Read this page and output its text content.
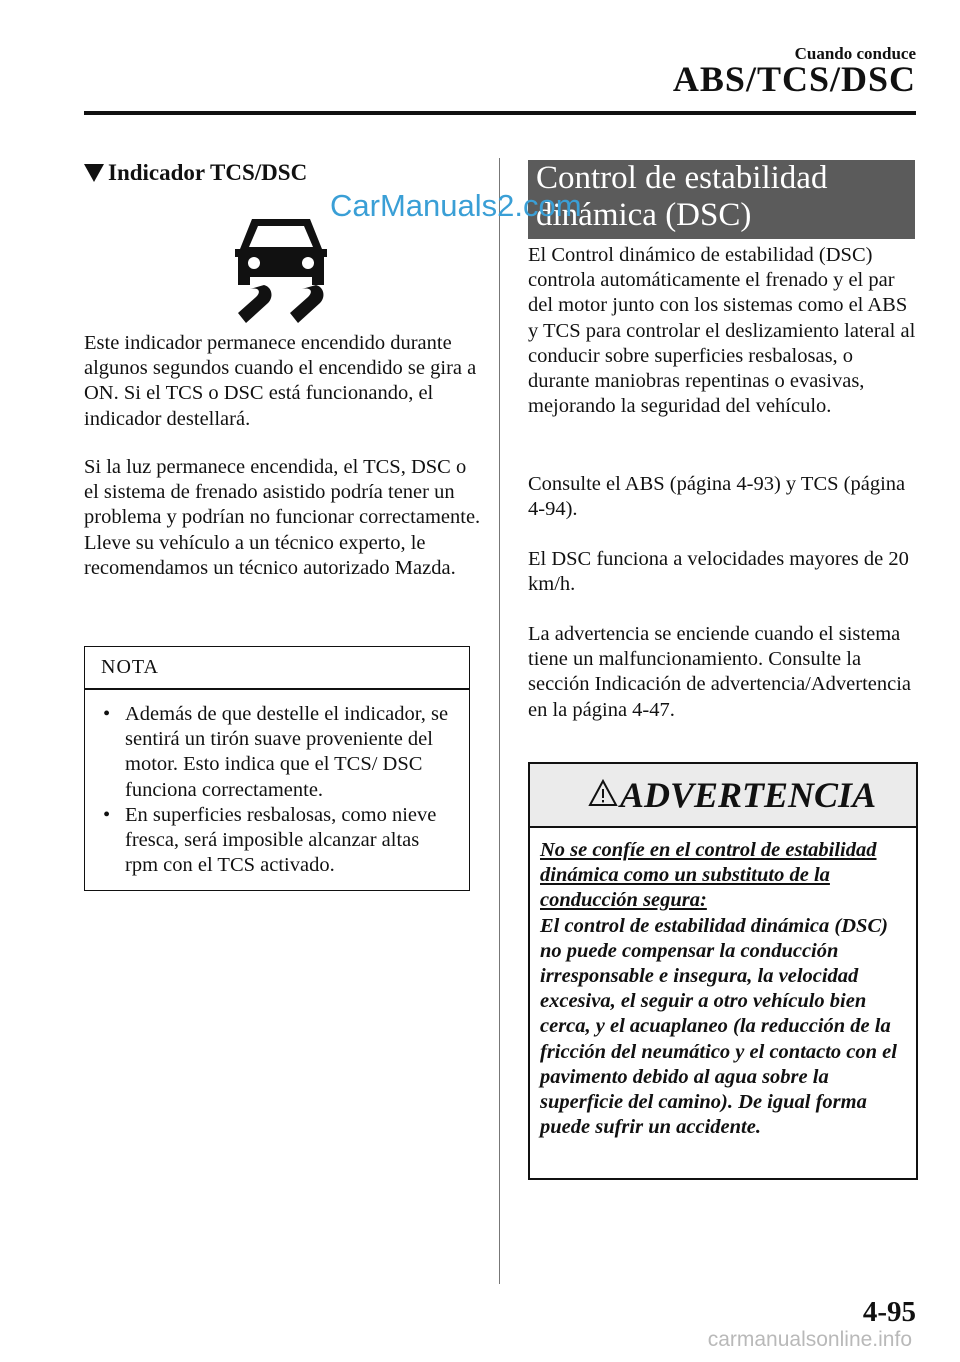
Cuando conduce
ABS/TCS/DSC
CarManuals2.com
Indicador TCS/DSC
Este indicador permanece encendido durante algunos segundos cuando el encendido se gira a ON. Si el TCS o DSC está funcionando, el indicador destellará.
Si la luz permanece encendida, el TCS, DSC o el sistema de frenado asistido podría tener un problema y podrían no funcionar correctamente. Lleve su vehículo a un técnico experto, le recomendamos un técnico autorizado Mazda.
NOTA
• Además de que destelle el indicador, se sentirá un tirón suave proveniente del motor. Esto indica que el TCS/ DSC funciona correctamente.
• En superficies resbalosas, como nieve fresca, será imposible alcanzar altas rpm con el TCS activado.
Control de estabilidad dinámica (DSC)
El Control dinámico de estabilidad (DSC) controla automáticamente el frenado y el par del motor junto con los sistemas como el ABS y TCS para controlar el deslizamiento lateral al conducir sobre superficies resbalosas, o durante maniobras repentinas o evasivas, mejorando la seguridad del vehículo.
Consulte el ABS (página 4-93) y TCS (página 4-94).
El DSC funciona a velocidades mayores de 20 km/h.
La advertencia se enciende cuando el sistema tiene un malfuncionamiento. Consulte la sección Indicación de advertencia/Advertencia en la página 4-47.
ADVERTENCIA
No se confíe en el control de estabilidad dinámica como un substituto de la conducción segura:
El control de estabilidad dinámica (DSC) no puede compensar la conducción irresponsable e insegura, la velocidad excesiva, el seguir a otro vehículo bien cerca, y el acuaplaneo (la reducción de la fricción del neumático y el contacto con el pavimento debido al agua sobre la superficie del camino). De igual forma puede sufrir un accidente.
4-95
carmanualsonline.info
